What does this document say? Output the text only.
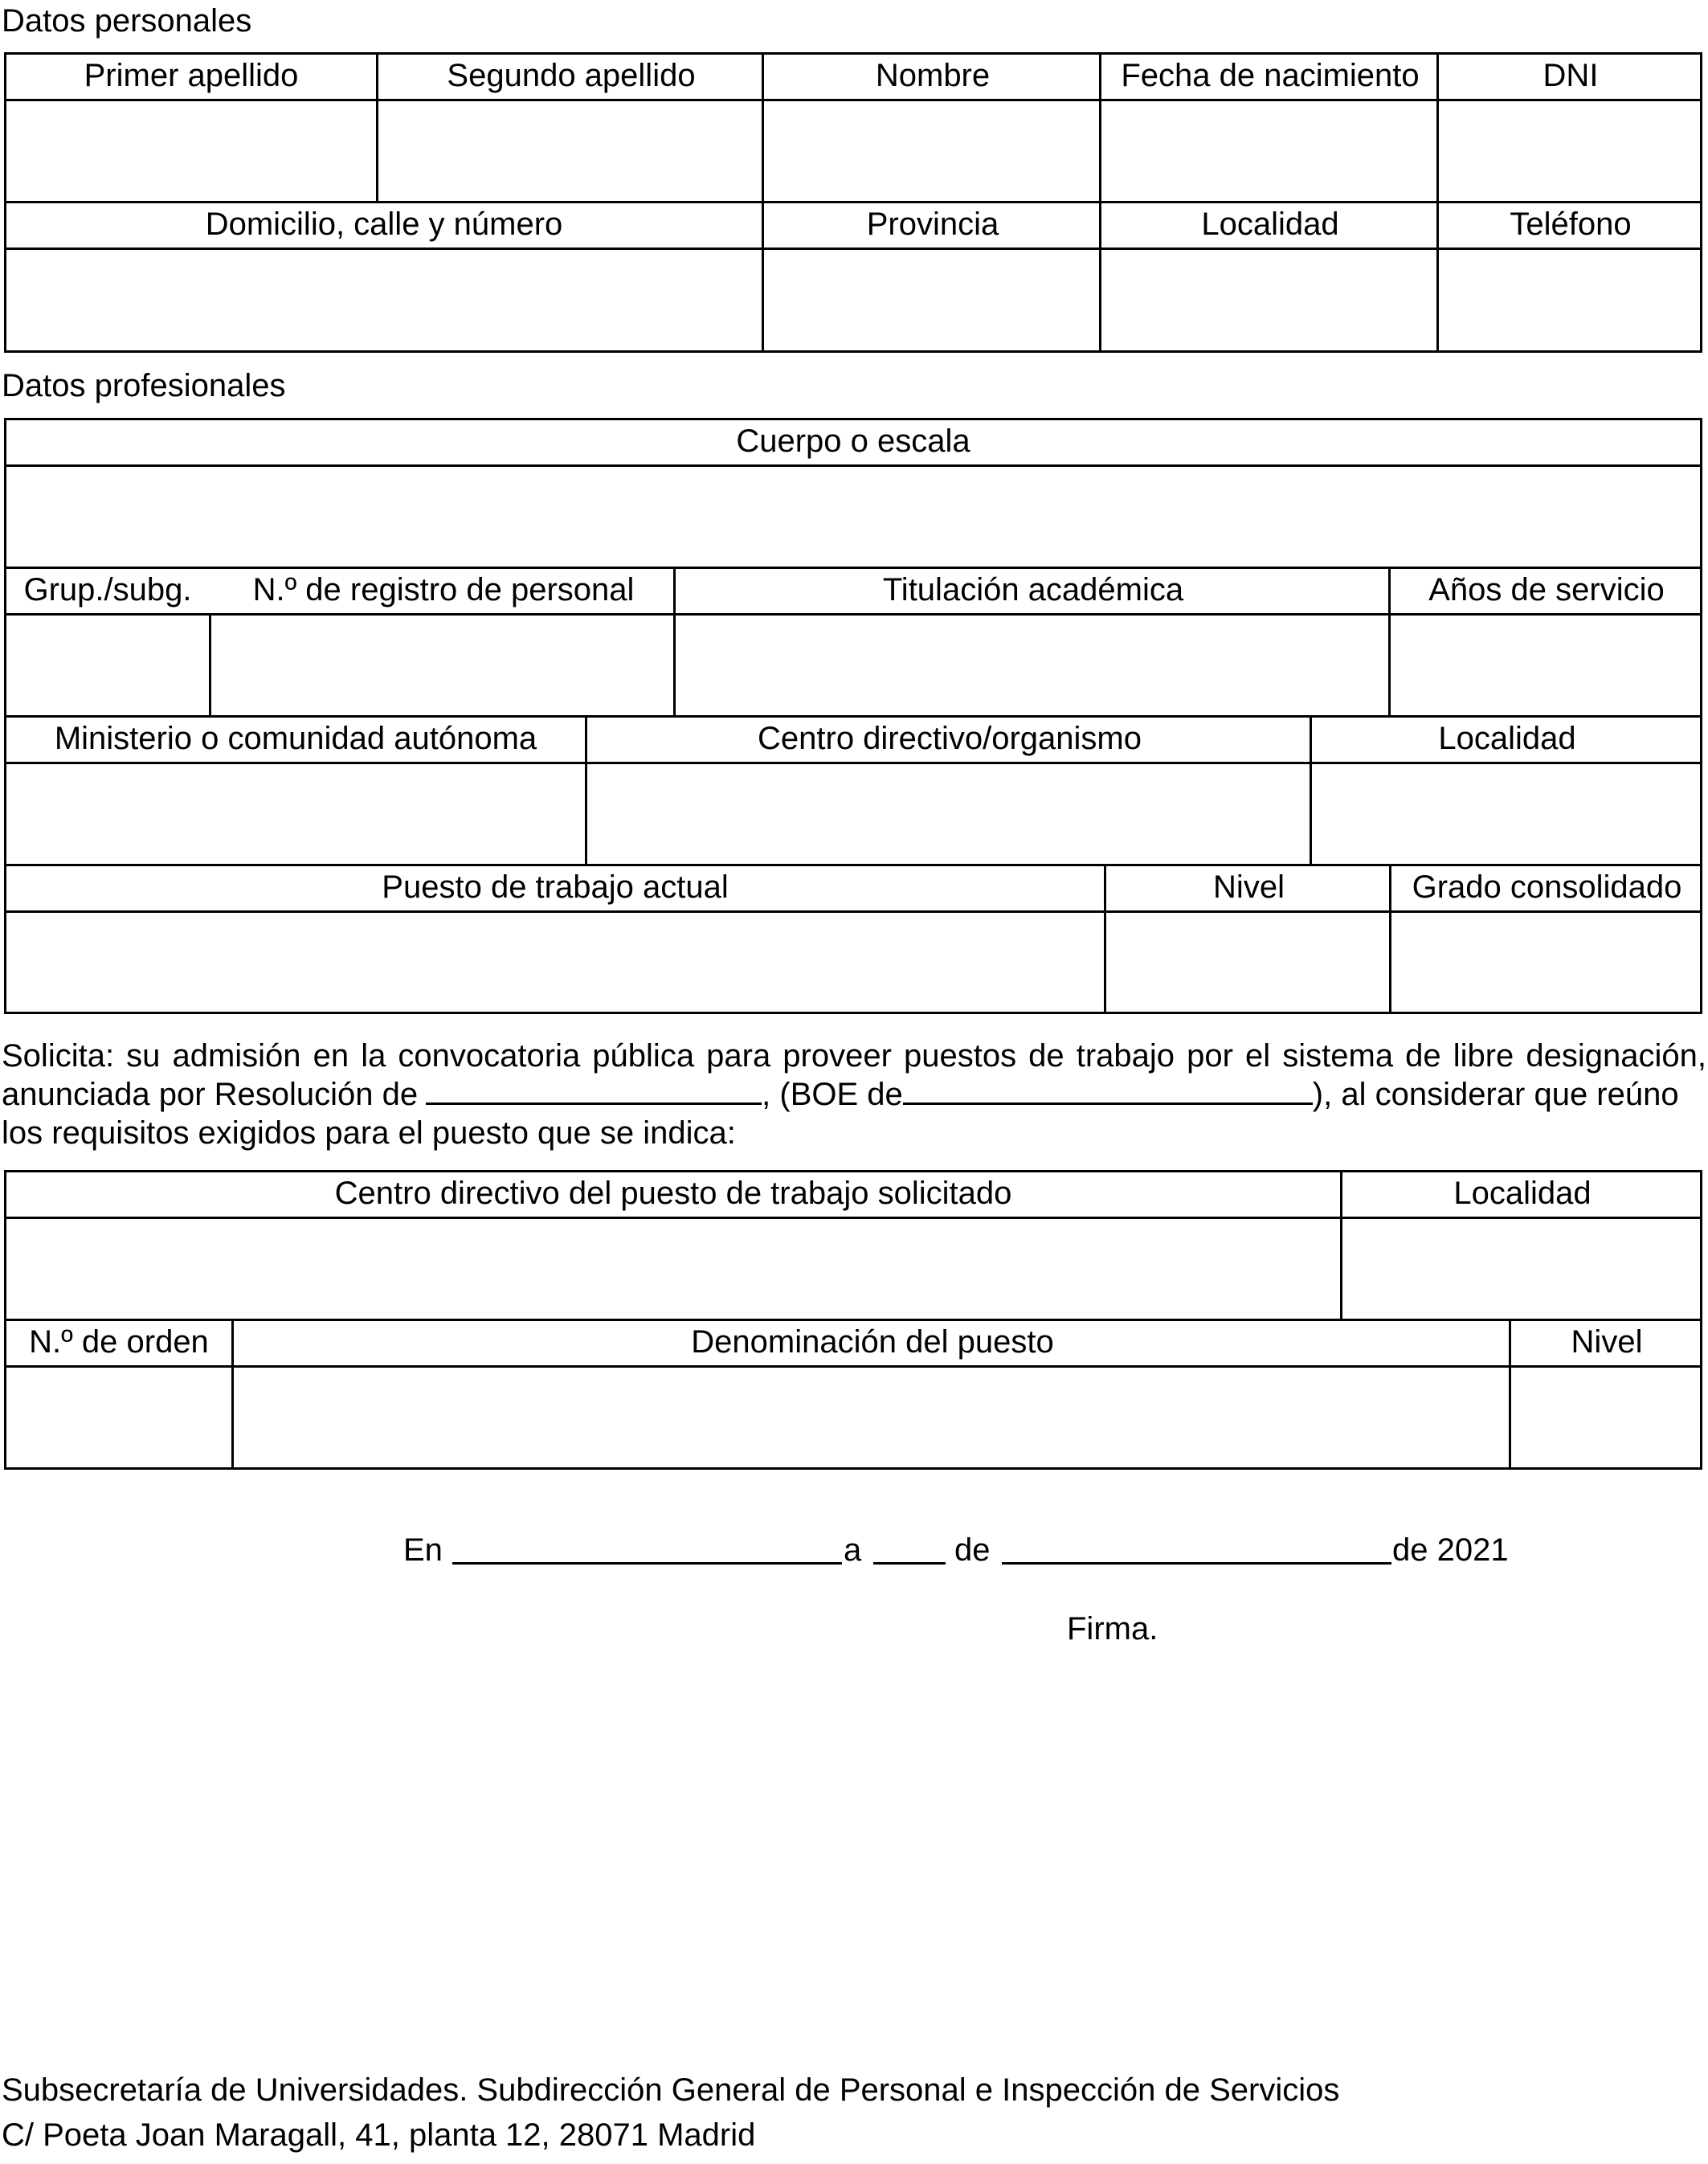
Datos personales
Primer apellido	Segundo apellido	Nombre	Fecha de nacimiento	DNI
Domicilio, calle y número	Provincia	Localidad	Teléfono
Datos profesionales
Cuerpo o escala
Grup./subg.	N.º de registro de personal	Titulación académica	Años de servicio
Ministerio o comunidad autónoma	Centro directivo/organismo	Localidad
Puesto de trabajo actual	Nivel	Grado consolidado
Solicita: su admisión en la convocatoria pública para proveer puestos de trabajo por el sistema de libre designación,
anunciada por Resolución de	, (BOE de	), al considerar que reúno
los requisitos exigidos para el puesto que se indica:
Centro directivo del puesto de trabajo solicitado	Localidad
N.º de orden	Denominación del puesto	Nivel
En	a	de	de 2021
Firma.
Subsecretaría de Universidades. Subdirección General de Personal e Inspección de Servicios
C/ Poeta Joan Maragall, 41, planta 12, 28071 Madrid
